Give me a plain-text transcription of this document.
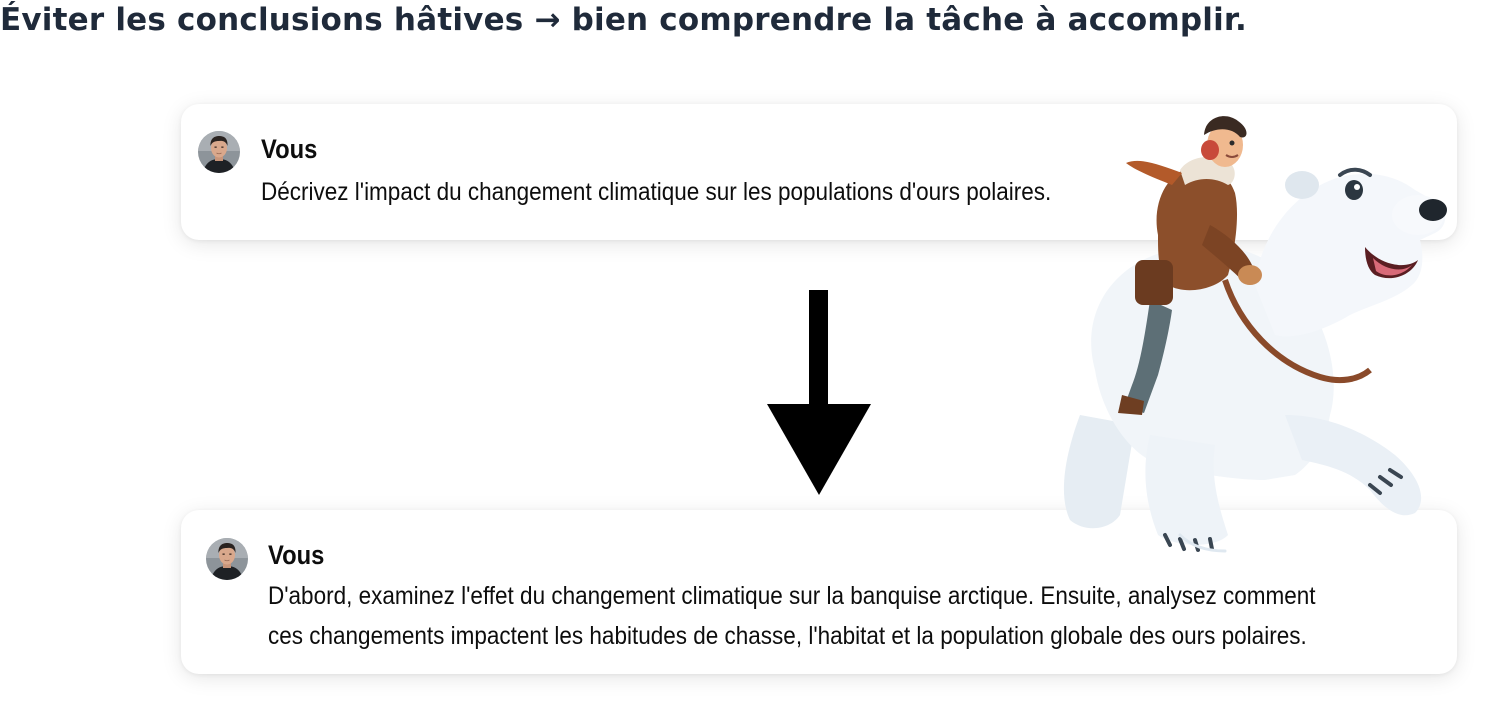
Éviter les conclusions hâtives → bien comprendre la tâche à accomplir.
Vous
Décrivez l'impact du changement climatique sur les populations d'ours polaires.
Vous
D'abord, examinez l'effet du changement climatique sur la banquise arctique. Ensuite, analysez comment
ces changements impactent les habitudes de chasse, l'habitat et la population globale des ours polaires.
